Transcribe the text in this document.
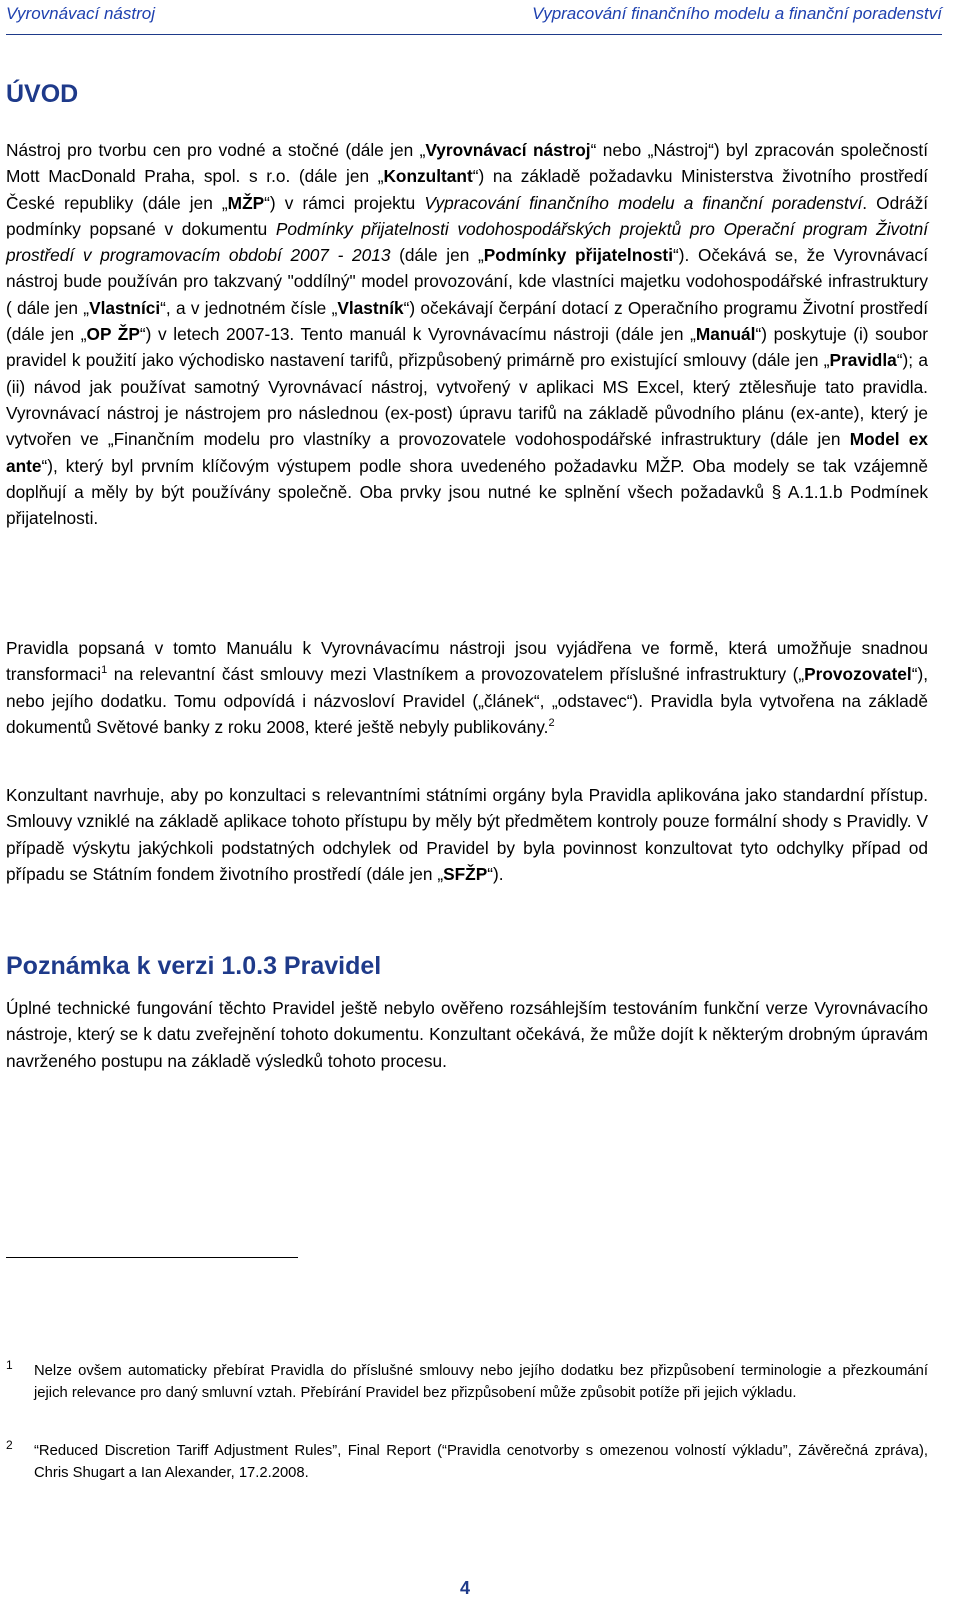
Vyrovnávací nástroj	Vypracování finančního modelu a finanční poradenství
ÚVOD

Nástroj pro tvorbu cen pro vodné a stočné (dále jen „Vyrovnávací nástroj“ nebo „Nástroj“) byl zpracován společností Mott MacDonald Praha, spol. s r.o. (dále jen „Konzultant“) na základě požadavku Ministerstva životního prostředí České republiky (dále jen „MŽP“) v rámci projektu Vypracování finančního modelu a finanční poradenství. Odráží podmínky popsané v dokumentu Podmínky přijatelnosti vodohospodářských projektů pro Operační program Životní prostředí v programovacím období 2007 - 2013 (dále jen „Podmínky přijatelnosti“). Očekává se, že Vyrovnávací nástroj bude používán pro takzvaný "oddílný" model provozování, kde vlastníci majetku vodohospodářské infrastruktury ( dále jen „Vlastníci“, a v jednotném čísle „Vlastník“) očekávají čerpání dotací z Operačního programu Životní prostředí (dále jen „OP ŽP“) v letech 2007-13. Tento manuál k Vyrovnávacímu nástroji (dále jen „Manuál“) poskytuje (i) soubor pravidel k použití jako východisko nastavení tarifů, přizpůsobený primárně pro existující smlouvy (dále jen „Pravidla“); a (ii) návod jak používat samotný Vyrovnávací nástroj, vytvořený v aplikaci MS Excel, který ztělesňuje tato pravidla. Vyrovnávací nástroj je nástrojem pro následnou (ex-post) úpravu tarifů na základě původního plánu (ex-ante), který je vytvořen ve „Finančním modelu pro vlastníky a provozovatele vodohospodářské infrastruktury (dále jen Model ex ante“), který byl prvním klíčovým výstupem podle shora uvedeného požadavku MŽP. Oba modely se tak vzájemně doplňují a měly by být používány společně. Oba prvky jsou nutné ke splnění všech požadavků § A.1.1.b Podmínek přijatelnosti.

Pravidla popsaná v tomto Manuálu k Vyrovnávacímu nástroji jsou vyjádřena ve formě, která umožňuje snadnou transformaci$^1$ na relevantní část smlouvy mezi Vlastníkem a provozovatelem příslušné infrastruktury („Provozovatel“), nebo jejího dodatku. Tomu odpovídá i názvosloví Pravidel („článek“, „odstavec“). Pravidla byla vytvořena na základě dokumentů Světové banky z roku 2008, které ještě nebyly publikovány.$^2$

Konzultant navrhuje, aby po konzultaci s relevantními státními orgány byla Pravidla aplikována jako standardní přístup. Smlouvy vzniklé na základě aplikace tohoto přístupu by měly být předmětem kontroly pouze formální shody s Pravidly. V případě výskytu jakýchkoli podstatných odchylek od Pravidel by byla povinnost konzultovat tyto odchylky případ od případu se Státním fondem životního prostředí (dále jen „SFŽP“).

Poznámka k verzi 1.0.3 Pravidel

Úplné technické fungování těchto Pravidel ještě nebylo ověřeno rozsáhlejším testováním funkční verze Vyrovnávacího nástroje, který se k datu zveřejnění tohoto dokumentu. Konzultant očekává, že může dojít k některým drobným úpravám navrženého postupu na základě výsledků tohoto procesu.

1 Nelze ovšem automaticky přebírat Pravidla do příslušné smlouvy nebo jejího dodatku bez přizpůsobení terminologie a přezkoumání jejich relevance pro daný smluvní vztah. Přebírání Pravidel bez přizpůsobení může způsobit potíže při jejich výkladu.
2 “Reduced Discretion Tariff Adjustment Rules”, Final Report (“Pravidla cenotvorby s omezenou volností výkladu”, Závěrečná zpráva), Chris Shugart a Ian Alexander, 17.2.2008.
4
